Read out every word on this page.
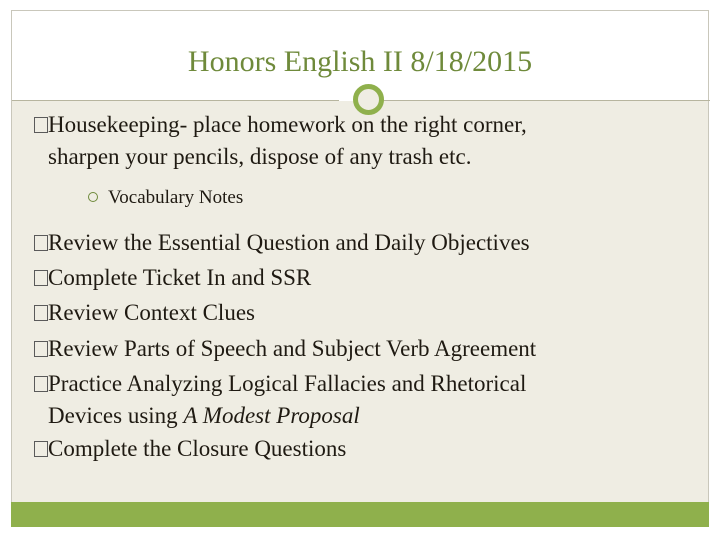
Honors English II 8/18/2015
Housekeeping- place homework on the right corner,
sharpen your pencils, dispose of any trash etc.
Vocabulary Notes
Review the Essential Question and Daily Objectives
Complete Ticket In and SSR
Review Context Clues
Review Parts of Speech and Subject Verb Agreement
Practice Analyzing Logical Fallacies and Rhetorical
Devices using A Modest Proposal
Complete the Closure Questions
